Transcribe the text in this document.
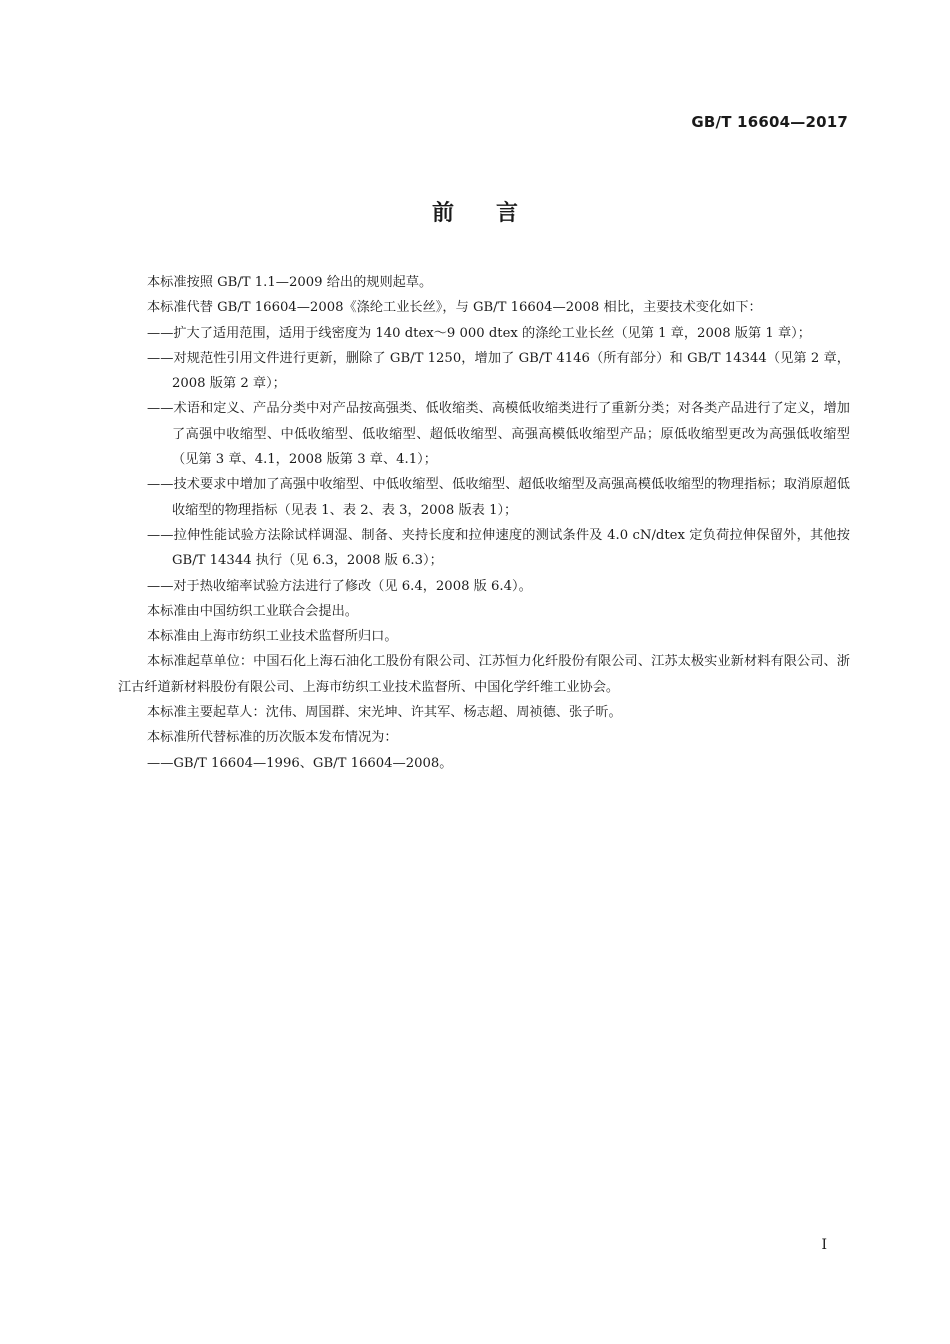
GB/T 16604—2017
前言

本标准按照 GB/T 1.1—2009 给出的规则起草。

本标准代替 GB/T 16604—2008《涤纶工业长丝》，与 GB/T 16604—2008 相比，主要技术变化如下：

——扩大了适用范围，适用于线密度为 140 dtex～9 000 dtex 的涤纶工业长丝（见第 1 章，2008 版第 1 章）；

——对规范性引用文件进行更新，删除了 GB/T 1250，增加了 GB/T 4146（所有部分）和 GB/T 14344（见第 2 章，2008 版第 2 章）；

——术语和定义、产品分类中对产品按高强类、低收缩类、高模低收缩类进行了重新分类；对各类产品进行了定义，增加了高强中收缩型、中低收缩型、低收缩型、超低收缩型、高强高模低收缩型产品；原低收缩型更改为高强低收缩型（见第 3 章、4.1，2008 版第 3 章、4.1）；

——技术要求中增加了高强中收缩型、中低收缩型、低收缩型、超低收缩型及高强高模低收缩型的物理指标；取消原超低收缩型的物理指标（见表 1、表 2、表 3，2008 版表 1）；

——拉伸性能试验方法除试样调湿、制备、夹持长度和拉伸速度的测试条件及 4.0 cN/dtex 定负荷拉伸保留外，其他按 GB/T 14344 执行（见 6.3，2008 版 6.3）；

——对于热收缩率试验方法进行了修改（见 6.4，2008 版 6.4）。

本标准由中国纺织工业联合会提出。

本标准由上海市纺织工业技术监督所归口。

本标准起草单位：中国石化上海石油化工股份有限公司、江苏恒力化纤股份有限公司、江苏太极实业新材料有限公司、浙江古纤道新材料股份有限公司、上海市纺织工业技术监督所、中国化学纤维工业协会。

本标准主要起草人：沈伟、周国群、宋光坤、许其军、杨志超、周祯德、张子昕。

本标准所代替标准的历次版本发布情况为：

——GB/T 16604—1996、GB/T 16604—2008。

I
